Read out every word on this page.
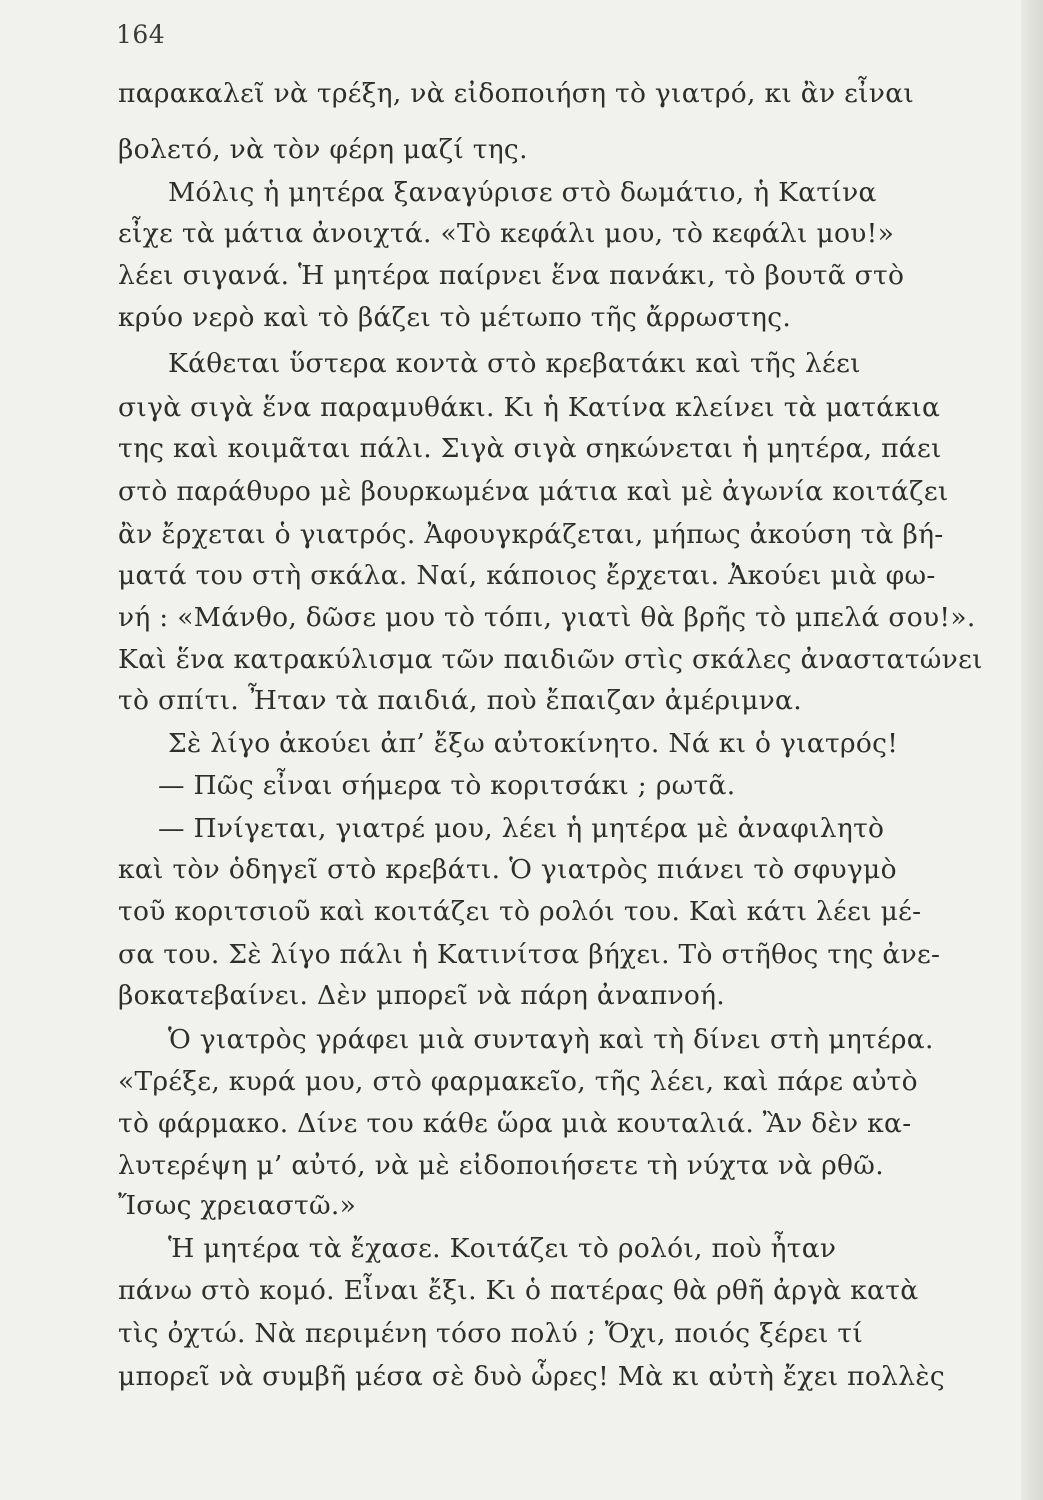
164
παρακαλεῖ νὰ τρέξη, νὰ εἰδοποιήση τὸ γιατρό, κι ἂν εἶναι
βολετό, νὰ τὸν φέρη μαζί της.
Μόλις ἡ μητέρα ξαναγύρισε στὸ δωμάτιο, ἡ Κατίνα
εἶχε τὰ μάτια ἀνοιχτά. «Τὸ κεφάλι μου, τὸ κεφάλι μου!»
λέει σιγανά. Ἡ μητέρα παίρνει ἕνα πανάκι, τὸ βουτᾶ στὸ
κρύο νερὸ καὶ τὸ βάζει τὸ μέτωπο τῆς ἄρρωστης.
Κάθεται ὕστερα κοντὰ στὸ κρεβατάκι καὶ τῆς λέει
σιγὰ σιγὰ ἕνα παραμυθάκι. Κι ἡ Κατίνα κλείνει τὰ ματάκια
της καὶ κοιμᾶται πάλι. Σιγὰ σιγὰ σηκώνεται ἡ μητέρα, πάει
στὸ παράθυρο μὲ βουρκωμένα μάτια καὶ μὲ ἀγωνία κοιτάζει
ἂν ἔρχεται ὁ γιατρός. Ἀφουγκράζεται, μήπως ἀκούση τὰ βή-
ματά του στὴ σκάλα. Ναί, κάποιος ἔρχεται. Ἀκούει μιὰ φω-
νή : «Μάνθο, δῶσε μου τὸ τόπι, γιατὶ θὰ βρῆς τὸ μπελά σου!».
Καὶ ἕνα κατρακύλισμα τῶν παιδιῶν στὶς σκάλες ἀναστατώνει
τὸ σπίτι. Ἦταν τὰ παιδιά, ποὺ ἔπαιζαν ἀμέριμνα.
Σὲ λίγο ἀκούει ἀπ’ ἔξω αὐτοκίνητο. Νά κι ὁ γιατρός!
— Πῶς εἶναι σήμερα τὸ κοριτσάκι ; ρωτᾶ.
— Πνίγεται, γιατρέ μου, λέει ἡ μητέρα μὲ ἀναφιλητὸ
καὶ τὸν ὁδηγεῖ στὸ κρεβάτι. Ὁ γιατρὸς πιάνει τὸ σφυγμὸ
τοῦ κοριτσιοῦ καὶ κοιτάζει τὸ ρολόι του. Καὶ κάτι λέει μέ-
σα του. Σὲ λίγο πάλι ἡ Κατινίτσα βήχει. Τὸ στῆθος της ἀνε-
βοκατεβαίνει. Δὲν μπορεῖ νὰ πάρη ἀναπνοή.
Ὁ γιατρὸς γράφει μιὰ συνταγὴ καὶ τὴ δίνει στὴ μητέρα.
«Τρέξε, κυρά μου, στὸ φαρμακεῖο, τῆς λέει, καὶ πάρε αὐτὸ
τὸ φάρμακο. Δίνε του κάθε ὥρα μιὰ κουταλιά. Ἂν δὲν κα-
λυτερέψη μ’ αὐτό, νὰ μὲ εἰδοποιήσετε τὴ νύχτα νὰ ρθῶ.
Ἴσως χρειαστῶ.»
Ἡ μητέρα τὰ ἔχασε. Κοιτάζει τὸ ρολόι, ποὺ ἦταν
πάνω στὸ κομό. Εἶναι ἔξι. Κι ὁ πατέρας θὰ ρθῆ ἀργὰ κατὰ
τὶς ὀχτώ. Νὰ περιμένη τόσο πολύ ; Ὄχι, ποιός ξέρει τί
μπορεῖ νὰ συμβῆ μέσα σὲ δυὸ ὧρες! Μὰ κι αὐτὴ ἔχει πολλὲς
